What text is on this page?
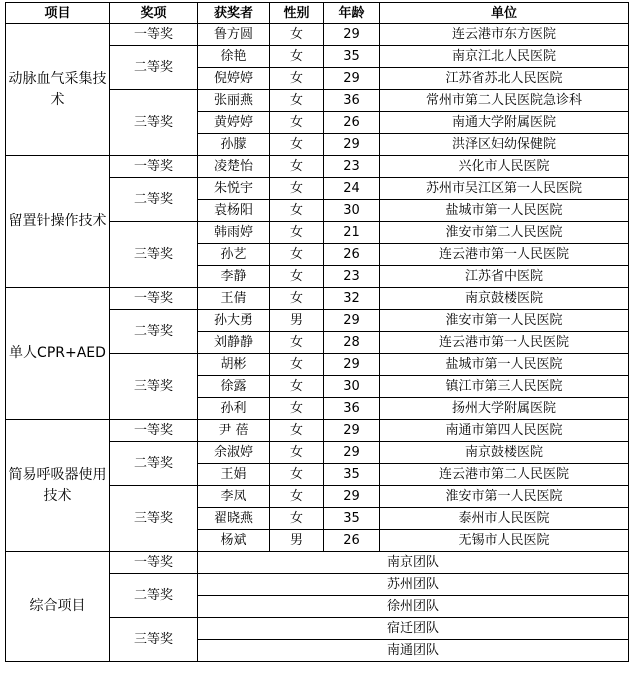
项目	奖项	获奖者	性别	年龄	单位
动脉血气采集技术	一等奖	鲁方圆	女	29	连云港市东方医院
	二等奖	徐艳	女	35	南京江北人民医院
		倪婷婷	女	29	江苏省苏北人民医院
	三等奖	张丽燕	女	36	常州市第二人民医院急诊科
		黄婷婷	女	26	南通大学附属医院
		孙朦	女	29	洪泽区妇幼保健院
留置针操作技术	一等奖	凌楚怡	女	23	兴化市人民医院
	二等奖	朱悦宇	女	24	苏州市吴江区第一人民医院
		袁杨阳	女	30	盐城市第一人民医院
	三等奖	韩雨婷	女	21	淮安市第二人民医院
		孙艺	女	26	连云港市第一人民医院
		李静	女	23	江苏省中医院
单人CPR+AED	一等奖	王倩	女	32	南京鼓楼医院
	二等奖	孙大勇	男	29	淮安市第一人民医院
		刘静静	女	28	连云港市第一人民医院
	三等奖	胡彬	女	29	盐城市第一人民医院
		徐露	女	30	镇江市第三人民医院
		孙利	女	36	扬州大学附属医院
简易呼吸器使用技术	一等奖	尹 蓓	女	29	南通市第四人民医院
	二等奖	余淑婷	女	29	南京鼓楼医院
		王娟	女	35	连云港市第二人民医院
	三等奖	李凤	女	29	淮安市第一人民医院
		翟晓燕	女	35	泰州市人民医院
		杨斌	男	26	无锡市人民医院
综合项目	一等奖	南京团队			
	二等奖	苏州团队			
		徐州团队			
	三等奖	宿迁团队			
		南通团队			
